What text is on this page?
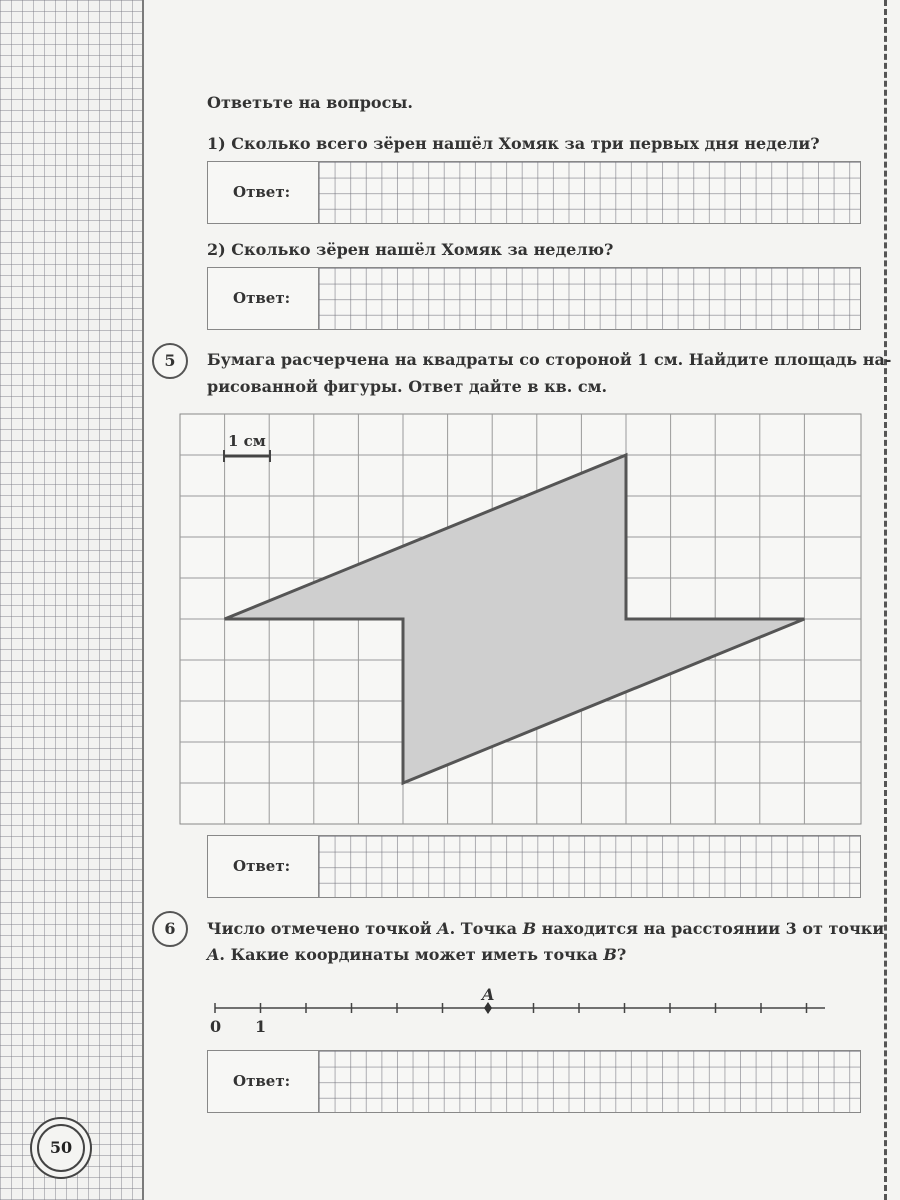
Ответьте на вопросы.
1) Сколько всего зёрен нашёл Хомяк за три первых дня недели?
Ответ:
2) Сколько зёрен нашёл Хомяк за неделю?
Ответ:
5	Бумага расчерчена на квадраты со стороной 1 см. Найдите площадь на-
рисованной фигуры. Ответ дайте в кв. см.
1 см
Ответ:
6	Число отмечено точкой A. Точка B находится на расстоянии 3 от точки
A. Какие координаты может иметь точка B?
0 1
A
Ответ:
50
